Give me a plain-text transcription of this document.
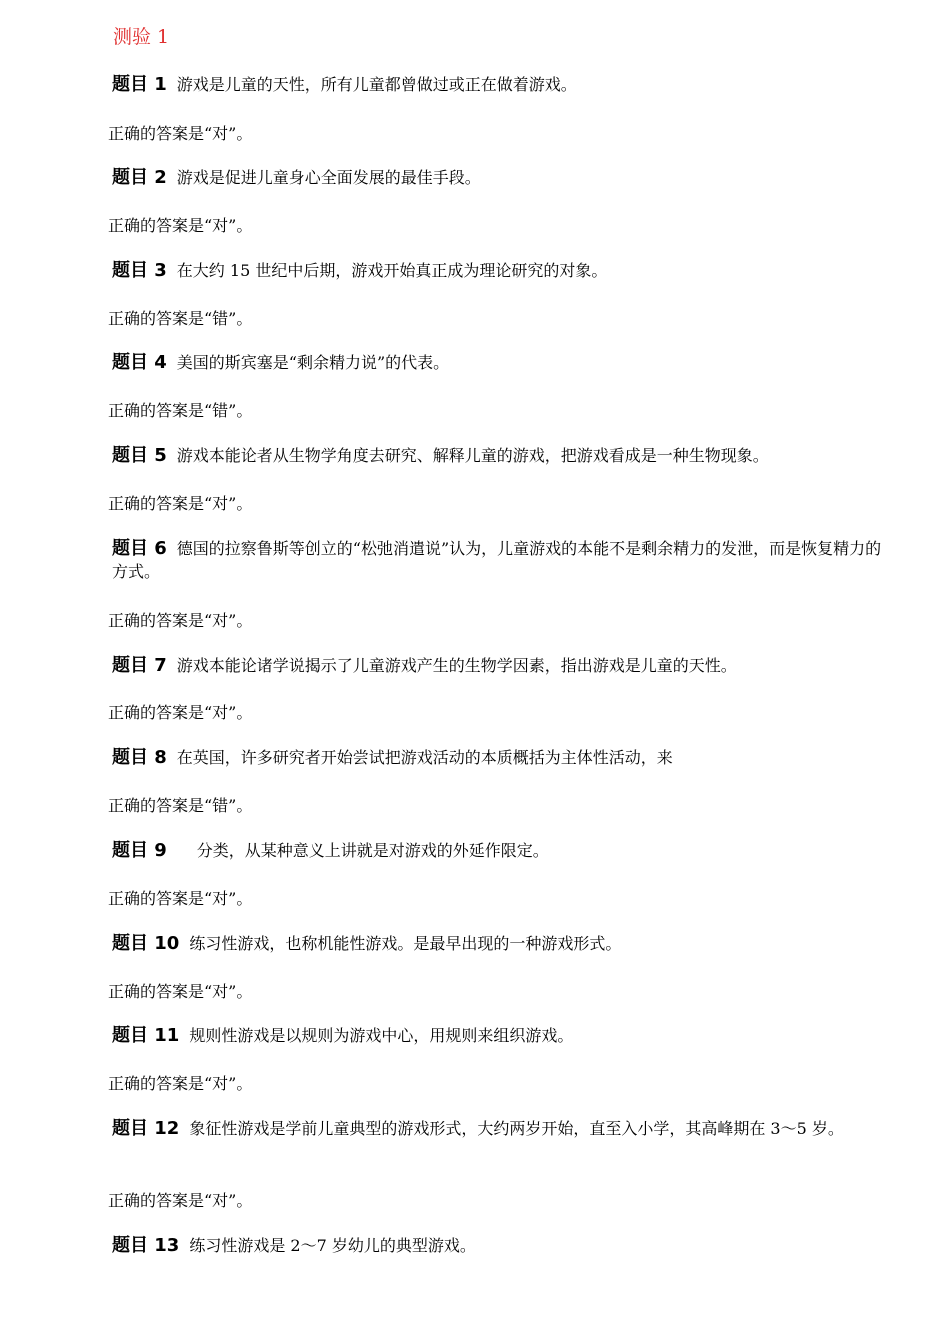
测验 1
题目 1 游戏是儿童的天性，所有儿童都曾做过或正在做着游戏。
正确的答案是“对”。
题目 2 游戏是促进儿童身心全面发展的最佳手段。
正确的答案是“对”。
题目 3 在大约 15 世纪中后期，游戏开始真正成为理论研究的对象。
正确的答案是“错”。
题目 4 美国的斯宾塞是“剩余精力说”的代表。
正确的答案是“错”。
题目 5 游戏本能论者从生物学角度去研究、解释儿童的游戏，把游戏看成是一种生物现象。
正确的答案是“对”。
题目 6 德国的拉察鲁斯等创立的“松弛消遣说”认为，儿童游戏的本能不是剩余精力的发泄，而是恢复精力的方式。
正确的答案是“对”。
题目 7 游戏本能论诸学说揭示了儿童游戏产生的生物学因素，指出游戏是儿童的天性。
正确的答案是“对”。
题目 8 在英国，许多研究者开始尝试把游戏活动的本质概括为主体性活动，来
正确的答案是“错”。
题目 9 分类，从某种意义上讲就是对游戏的外延作限定。
正确的答案是“对”。
题目 10 练习性游戏，也称机能性游戏。是最早出现的一种游戏形式。
正确的答案是“对”。
题目 11 规则性游戏是以规则为游戏中心，用规则来组织游戏。
正确的答案是“对”。
题目 12 象征性游戏是学前儿童典型的游戏形式，大约两岁开始，直至入小学，其高峰期在 3～5 岁。
正确的答案是“对”。
题目 13 练习性游戏是 2～7 岁幼儿的典型游戏。
